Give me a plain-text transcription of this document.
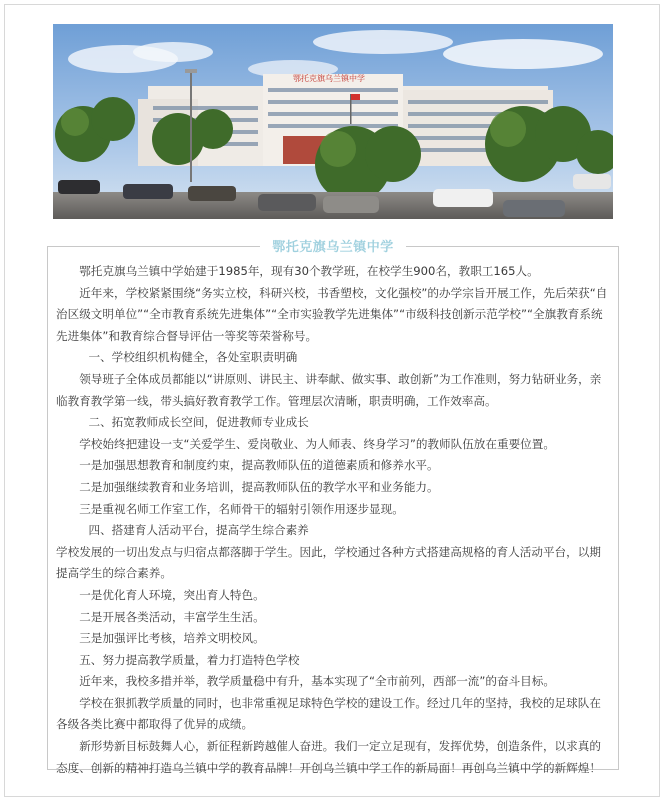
鄂托克旗乌兰镇中学
鄂托克旗乌兰镇中学

鄂托克旗乌兰镇中学始建于1985年，现有30个教学班，在校学生900名，教职工165人。

近年来，学校紧紧围绕“务实立校，科研兴校，书香塑校，文化强校”的办学宗旨开展工作，先后荣获“自治区级文明单位”“全市教育系统先进集体”“全市实验教学先进集体”“市级科技创新示范学校”“全旗教育系统先进集体”和教育综合督导评估一等奖等荣誉称号。

一、学校组织机构健全，各处室职责明确

领导班子全体成员都能以“讲原则、讲民主、讲奉献、做实事、敢创新”为工作准则，努力钻研业务，亲临教育教学第一线，带头搞好教育教学工作。管理层次清晰，职责明确，工作效率高。

二、拓宽教师成长空间，促进教师专业成长

学校始终把建设一支“关爱学生、爱岗敬业、为人师表、终身学习”的教师队伍放在重要位置。

一是加强思想教育和制度约束，提高教师队伍的道德素质和修养水平。

二是加强继续教育和业务培训，提高教师队伍的教学水平和业务能力。

三是重视名师工作室工作，名师骨干的辐射引领作用逐步显现。

四、搭建育人活动平台，提高学生综合素养

学校发展的一切出发点与归宿点都落脚于学生。因此，学校通过各种方式搭建高规格的育人活动平台，以期提高学生的综合素养。

一是优化育人环境，突出育人特色。

二是开展各类活动，丰富学生生活。

三是加强评比考核，培养文明校风。

五、努力提高教学质量，着力打造特色学校

近年来，我校多措并举，教学质量稳中有升，基本实现了“全市前列，西部一流”的奋斗目标。

学校在狠抓教学质量的同时，也非常重视足球特色学校的建设工作。经过几年的坚持，我校的足球队在各级各类比赛中都取得了优异的成绩。

新形势新目标鼓舞人心，新征程新跨越催人奋进。我们一定立足现有，发挥优势，创造条件，以求真的态度、创新的精神打造乌兰镇中学的教育品牌！开创乌兰镇中学工作的新局面！再创乌兰镇中学的新辉煌！
